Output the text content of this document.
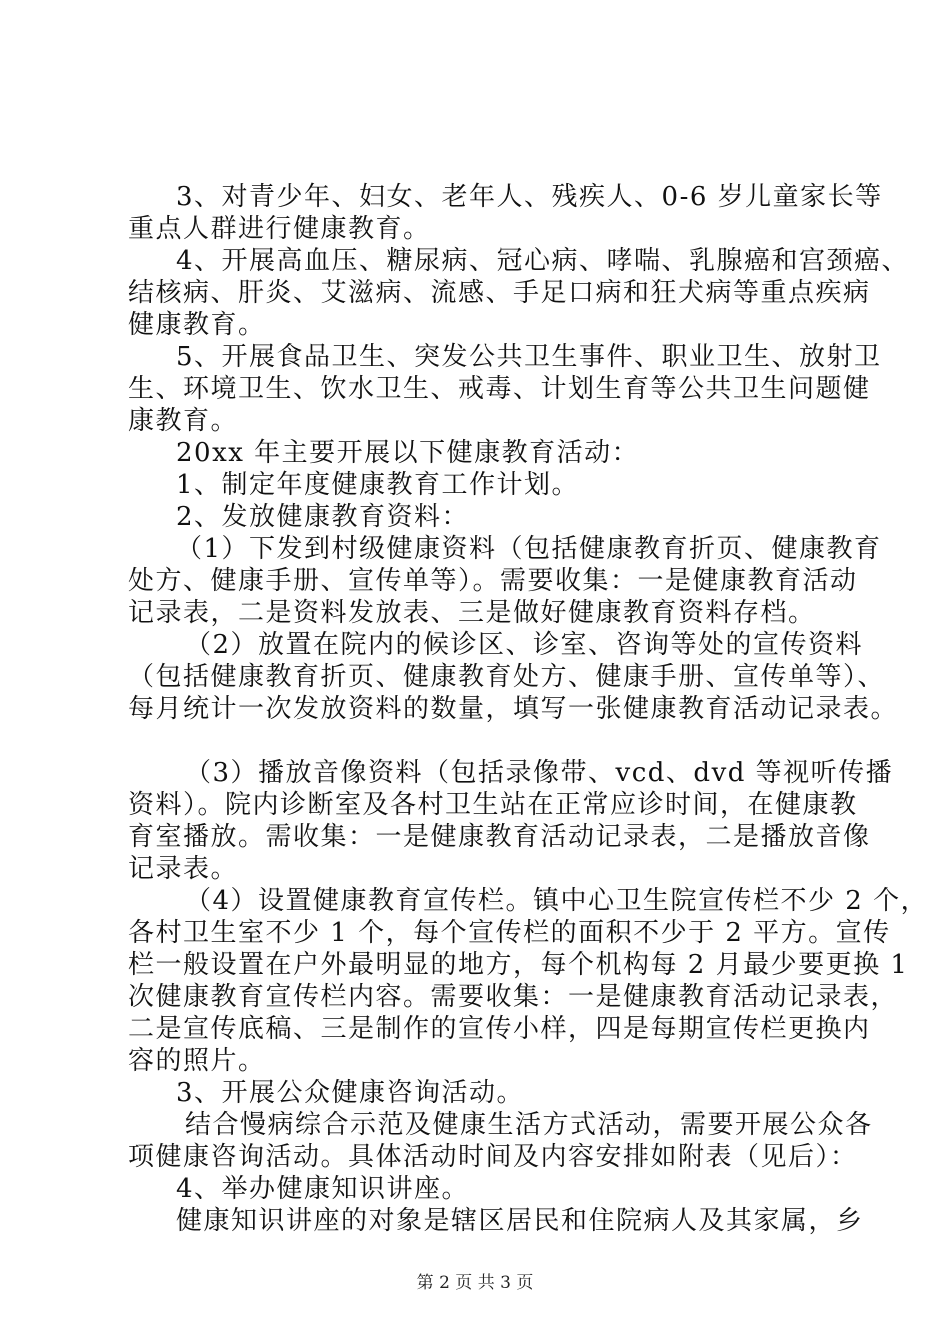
3、对青少年、妇女、老年人、残疾人、0-6 岁儿童家长等
重点人群进行健康教育。
4、开展高血压、糖尿病、冠心病、哮喘、乳腺癌和宫颈癌、
结核病、肝炎、艾滋病、流感、手足口病和狂犬病等重点疾病
健康教育。
5、开展食品卫生、突发公共卫生事件、职业卫生、放射卫
生、环境卫生、饮水卫生、戒毒、计划生育等公共卫生问题健
康教育。
20xx 年主要开展以下健康教育活动：
1、制定年度健康教育工作计划。
2、发放健康教育资料：
（1）下发到村级健康资料（包括健康教育折页、健康教育
处方、健康手册、宣传单等）。需要收集：一是健康教育活动
记录表，二是资料发放表、三是做好健康教育资料存档。
（2）放置在院内的候诊区、诊室、咨询等处的宣传资料
（包括健康教育折页、健康教育处方、健康手册、宣传单等）、
每月统计一次发放资料的数量，填写一张健康教育活动记录表。
（3）播放音像资料（包括录像带、vcd、dvd 等视听传播
资料）。院内诊断室及各村卫生站在正常应诊时间，在健康教
育室播放。需收集：一是健康教育活动记录表，二是播放音像
记录表。
（4）设置健康教育宣传栏。镇中心卫生院宣传栏不少 2 个，
各村卫生室不少 1 个，每个宣传栏的面积不少于 2 平方。宣传
栏一般设置在户外最明显的地方，每个机构每 2 月最少要更换 1
次健康教育宣传栏内容。需要收集：一是健康教育活动记录表，
二是宣传底稿、三是制作的宣传小样，四是每期宣传栏更换内
容的照片。
3、开展公众健康咨询活动。
结合慢病综合示范及健康生活方式活动，需要开展公众各
项健康咨询活动。具体活动时间及内容安排如附表（见后）：
4、举办健康知识讲座。
健康知识讲座的对象是辖区居民和住院病人及其家属，乡
第 2 页 共 3 页
